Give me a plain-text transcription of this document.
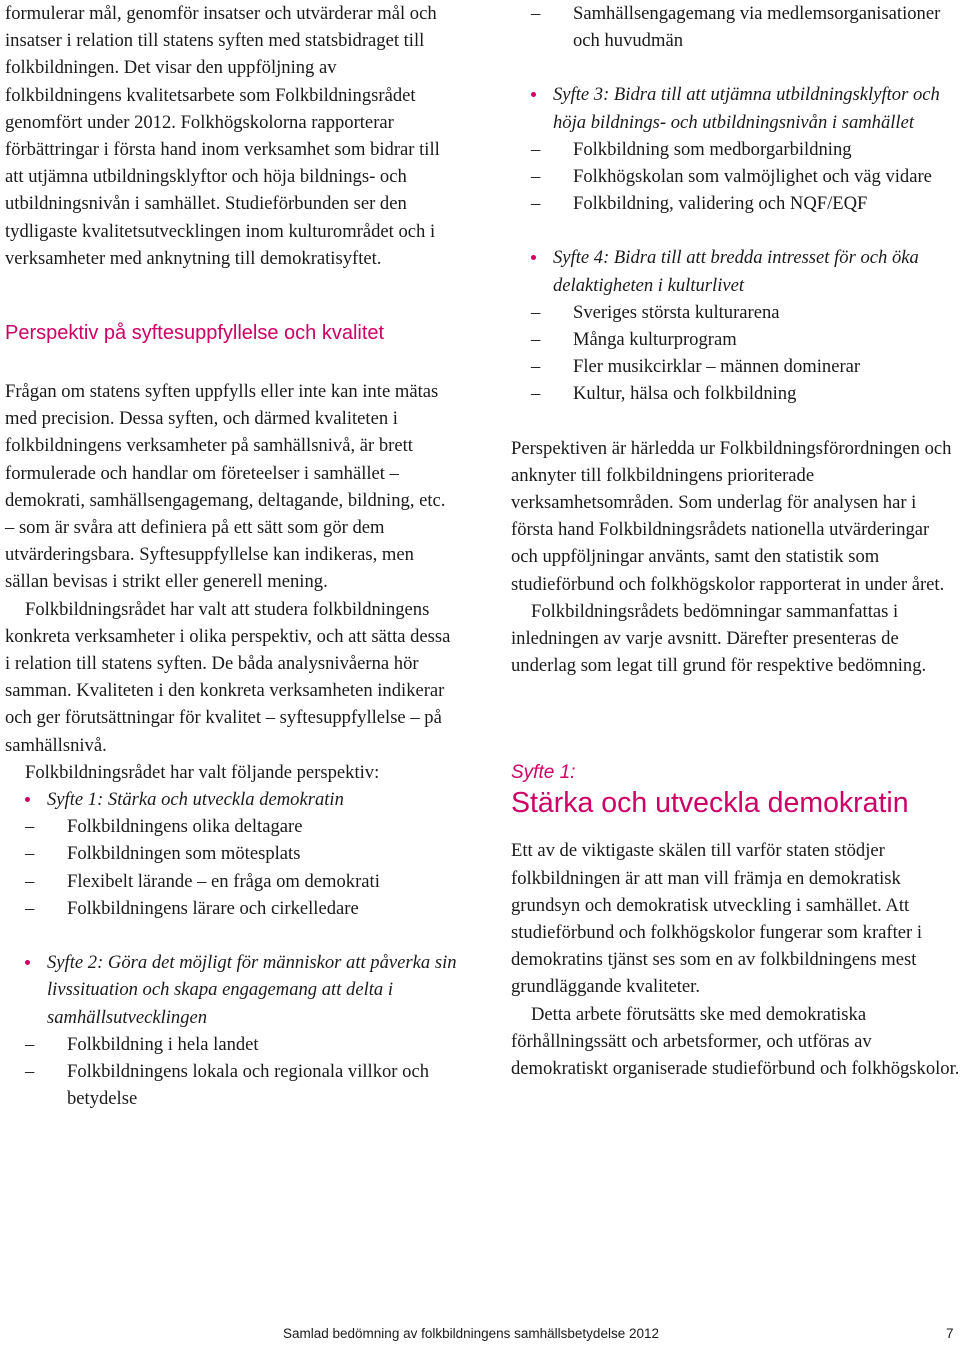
formulerar mål, genomför insatser och utvärderar mål och insatser i relation till statens syften med statsbidraget till folkbildningen. Det visar den uppföljning av folkbildningens kvalitetsarbete som Folkbildningsrådet genomfört under 2012. Folkhögskolorna rapporterar förbättringar i första hand inom verksamhet som bidrar till att utjämna utbildningsklyftor och höja bildnings- och utbildningsnivån i samhället. Studieförbunden ser den tydligaste kvalitetsutvecklingen inom kulturområdet och i verksamheter med anknytning till demokratisyftet.

Perspektiv på syftesuppfyllelse och kvalitet

Frågan om statens syften uppfylls eller inte kan inte mätas med precision. Dessa syften, och därmed kvaliteten i folkbildningens verksamheter på samhällsnivå, är brett formulerade och handlar om företeelser i samhället – demokrati, samhällsengagemang, deltagande, bildning, etc. – som är svåra att definiera på ett sätt som gör dem utvärderingsbara. Syftesuppfyllelse kan indikeras, men sällan bevisas i strikt eller generell mening.

Folkbildningsrådet har valt att studera folkbildningens konkreta verksamheter i olika perspektiv, och att sätta dessa i relation till statens syften. De båda analysnivåerna hör samman. Kvaliteten i den konkreta verksamheten indikerar och ger förutsättningar för kvalitet – syftesuppfyllelse – på samhällsnivå.

Folkbildningsrådet har valt följande perspektiv:

Syfte 1: Stärka och utveckla demokratin
– Folkbildningens olika deltagare
– Folkbildningen som mötesplats
– Flexibelt lärande – en fråga om demokrati
– Folkbildningens lärare och cirkelledare
Syfte 2: Göra det möjligt för människor att påverka sin livssituation och skapa engagemang att delta i samhällsutvecklingen
– Folkbildning i hela landet
– Folkbildningens lokala och regionala villkor och betydelse
– Samhällsengagemang via medlemsorganisationer och huvudmän
Syfte 3: Bidra till att utjämna utbildningsklyftor och höja bildnings- och utbildningsnivån i samhället
– Folkbildning som medborgarbildning
– Folkhögskolan som valmöjlighet och väg vidare
– Folkbildning, validering och NQF/EQF
Syfte 4: Bidra till att bredda intresset för och öka delaktigheten i kulturlivet
– Sveriges största kulturarena
– Många kulturprogram
– Fler musikcirklar – männen dominerar
– Kultur, hälsa och folkbildning

Perspektiven är härledda ur Folkbildningsförordningen och anknyter till folkbildningens prioriterade verksamhetsområden. Som underlag för analysen har i första hand Folkbildningsrådets nationella utvärderingar och uppföljningar använts, samt den statistik som studieförbund och folkhögskolor rapporterat in under året.

Folkbildningsrådets bedömningar sammanfattas i inledningen av varje avsnitt. Därefter presenteras de underlag som legat till grund för respektive bedömning.

Syfte 1:
Stärka och utveckla demokratin

Ett av de viktigaste skälen till varför staten stödjer folkbildningen är att man vill främja en demokratisk grundsyn och demokratisk utveckling i samhället. Att studieförbund och folkhögskolor fungerar som krafter i demokratins tjänst ses som en av folkbildningens mest grundläggande kvaliteter.

Detta arbete förutsätts ske med demokratiska förhållningssätt och arbetsformer, och utföras av demokratiskt organiserade studieförbund och folkhögskolor.

Samlad bedömning av folkbildningens samhällsbetydelse 2012	7
